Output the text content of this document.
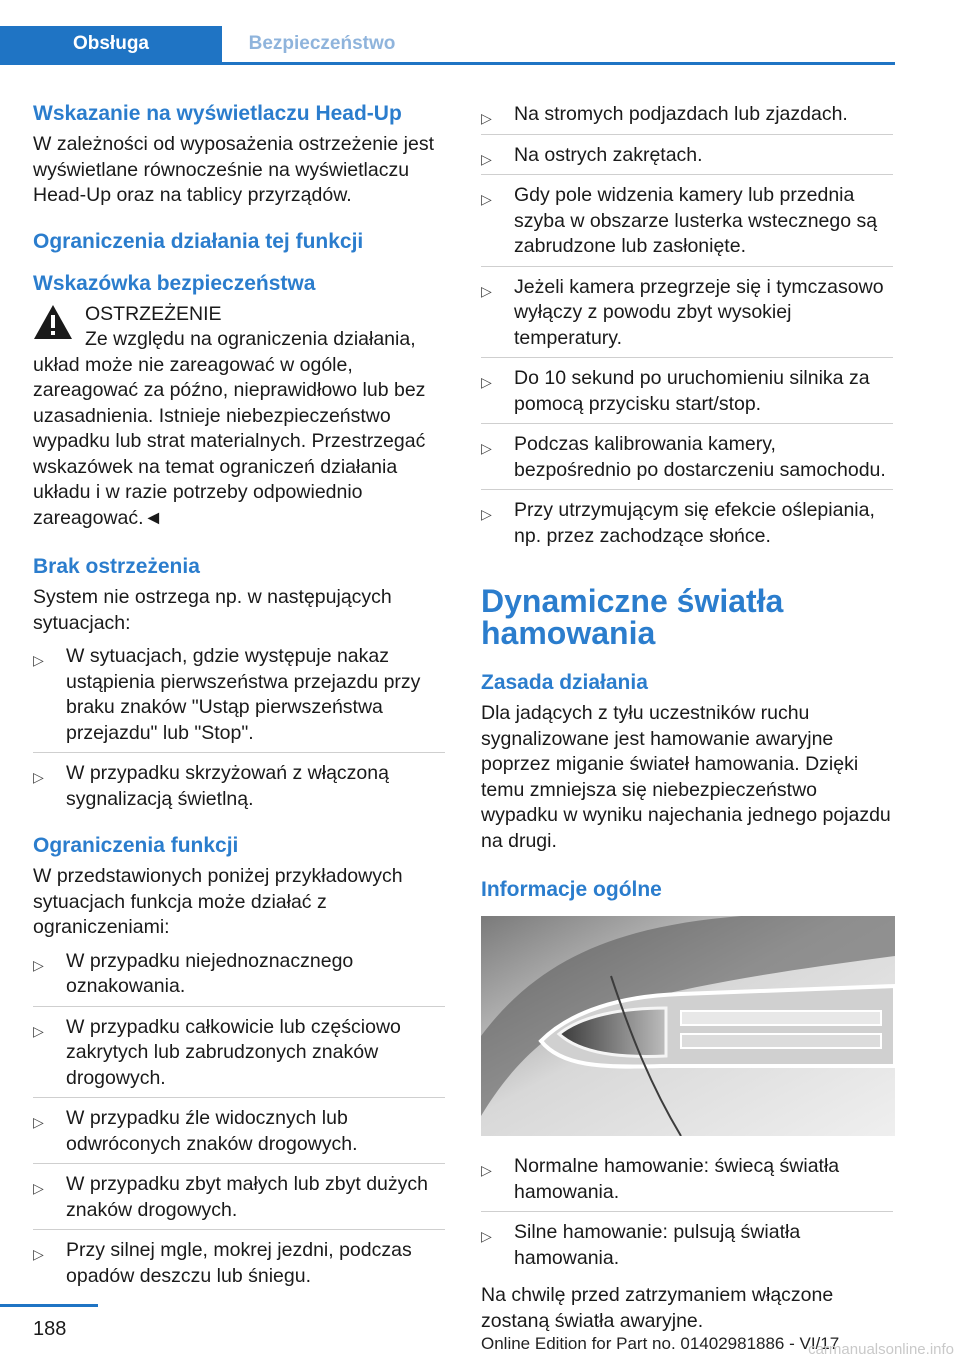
Obsługa	Bezpieczeństwo
Wskazanie na wyświetlaczu Head-Up

W zależności od wyposażenia ostrzeżenie jest wyświetlane równocześnie na wyświetlaczu Head-Up oraz na tablicy przyrządów.

Ograniczenia działania tej funkcji
Wskazówka bezpieczeństwa
OSTRZEŻENIE

Ze względu na ograniczenia działania,

układ może nie zareagować w ogóle, zareagować za późno, nieprawidłowo lub bez uzasadnienia. Istnieje niebezpieczeństwo wypadku lub strat materialnych. Przestrzegać wskazówek na temat ograniczeń działania układu i w razie potrzeby odpowiednio zareagować.◄

Brak ostrzeżenia

System nie ostrzega np. w następujących sytuacjach:

▷ W sytuacjach, gdzie występuje nakaz ustąpienia pierwszeństwa przejazdu przy braku znaków "Ustąp pierwszeństwa przejazdu" lub "Stop".
▷ W przypadku skrzyżowań z włączoną sygnalizacją świetlną.
Ograniczenia funkcji

W przedstawionych poniżej przykładowych sytuacjach funkcja może działać z ograniczeniami:

▷ W przypadku niejednoznacznego oznakowania.
▷ W przypadku całkowicie lub częściowo zakrytych lub zabrudzonych znaków drogowych.
▷ W przypadku źle widocznych lub odwróconych znaków drogowych.
▷ W przypadku zbyt małych lub zbyt dużych znaków drogowych.
▷ Przy silnej mgle, mokrej jezdni, podczas opadów deszczu lub śniegu.
▷ Na stromych podjazdach lub zjazdach.
▷ Na ostrych zakrętach.
▷ Gdy pole widzenia kamery lub przednia szyba w obszarze lusterka wstecznego są zabrudzone lub zasłonięte.
▷ Jeżeli kamera przegrzeje się i tymczasowo wyłączy z powodu zbyt wysokiej temperatury.
▷ Do 10 sekund po uruchomieniu silnika za pomocą przycisku start/stop.
▷ Podczas kalibrowania kamery, bezpośrednio po dostarczeniu samochodu.
▷ Przy utrzymującym się efekcie oślepiania, np. przez zachodzące słońce.
Dynamiczne światła hamowania
Zasada działania

Dla jadących z tyłu uczestników ruchu sygnalizowane jest hamowanie awaryjne poprzez miganie świateł hamowania. Dzięki temu zmniejsza się niebezpieczeństwo wypadku w wyniku najechania jednego pojazdu na drugi.

Informacje ogólne
▷ Normalne hamowanie: świecą światła hamowania.
▷ Silne hamowanie: pulsują światła hamowania.

Na chwilę przed zatrzymaniem włączone zostaną światła awaryjne.

188
Online Edition for Part no. 01402981886 - VI/17
carmanualsonline.info
